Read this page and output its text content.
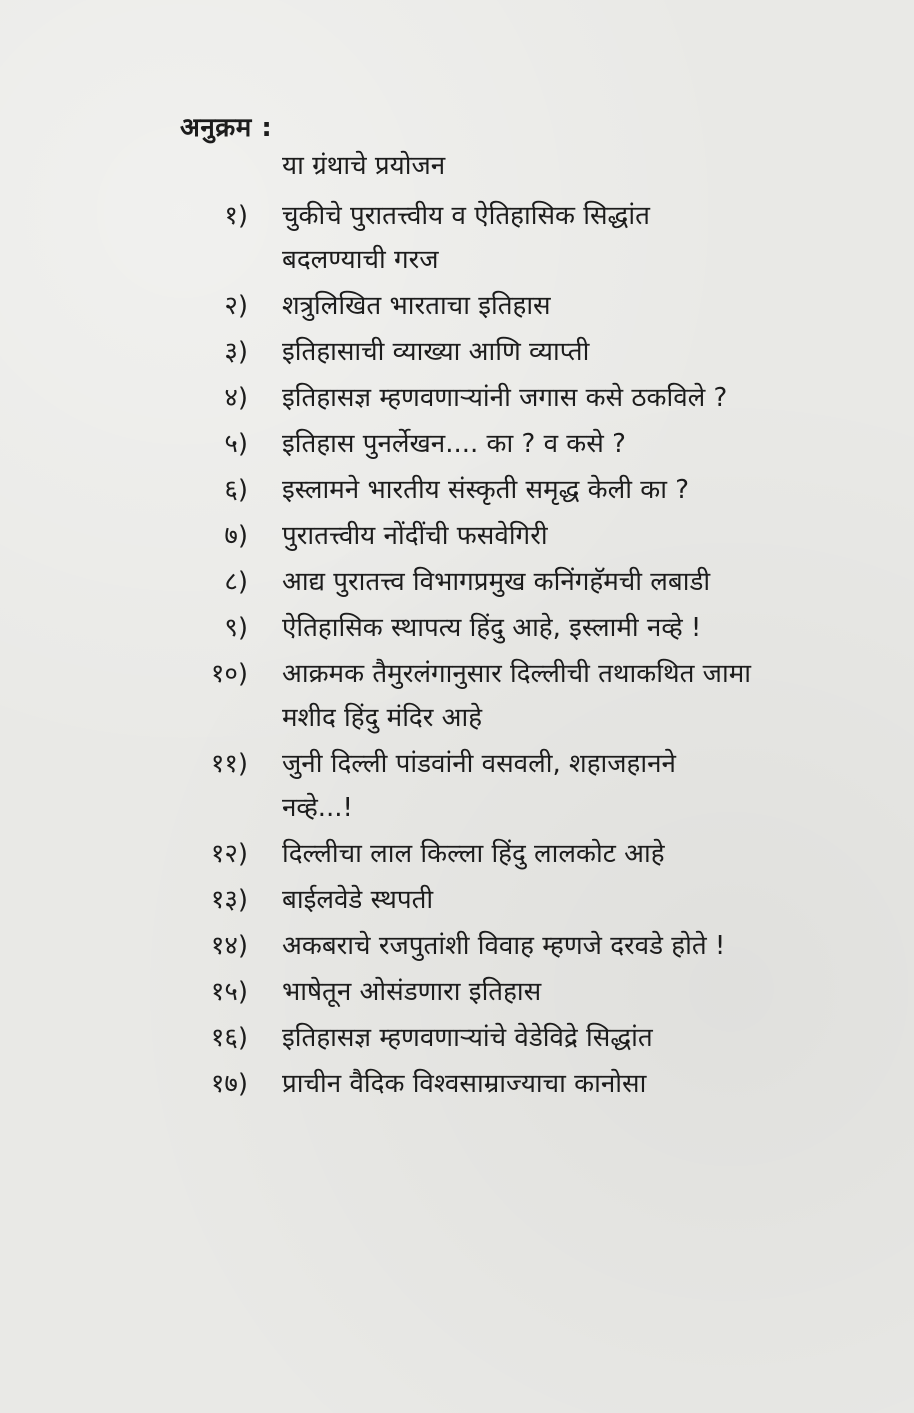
अनुक्रम :
या ग्रंथाचे प्रयोजन
१) चुकीचे पुरातत्त्वीय व ऐतिहासिक सिद्धांत बदलण्याची गरज
२) शत्रुलिखित भारताचा इतिहास
३) इतिहासाची व्याख्या आणि व्याप्ती
४) इतिहासज्ञ म्हणवणाऱ्यांनी जगास कसे ठकविले ?
५) इतिहास पुनर्लेखन.... का ? व कसे ?
६) इस्लामने भारतीय संस्कृती समृद्ध केली का ?
७) पुरातत्त्वीय नोंदींची फसवेगिरी
८) आद्य पुरातत्त्व विभागप्रमुख कनिंगहॅमची लबाडी
९) ऐतिहासिक स्थापत्य हिंदु आहे, इस्लामी नव्हे !
१०) आक्रमक तैमुरलंगानुसार दिल्लीची तथाकथित जामा मशीद हिंदु मंदिर आहे
११) जुनी दिल्ली पांडवांनी वसवली, शहाजहानने नव्हे...!
१२) दिल्लीचा लाल किल्ला हिंदु लालकोट आहे
१३) बाईलवेडे स्थपती
१४) अकबराचे रजपुतांशी विवाह म्हणजे दरवडे होते !
१५) भाषेतून ओसंडणारा इतिहास
१६) इतिहासज्ञ म्हणवणाऱ्यांचे वेडेविद्रे सिद्धांत
१७) प्राचीन वैदिक विश्वसाम्राज्याचा कानोसा
